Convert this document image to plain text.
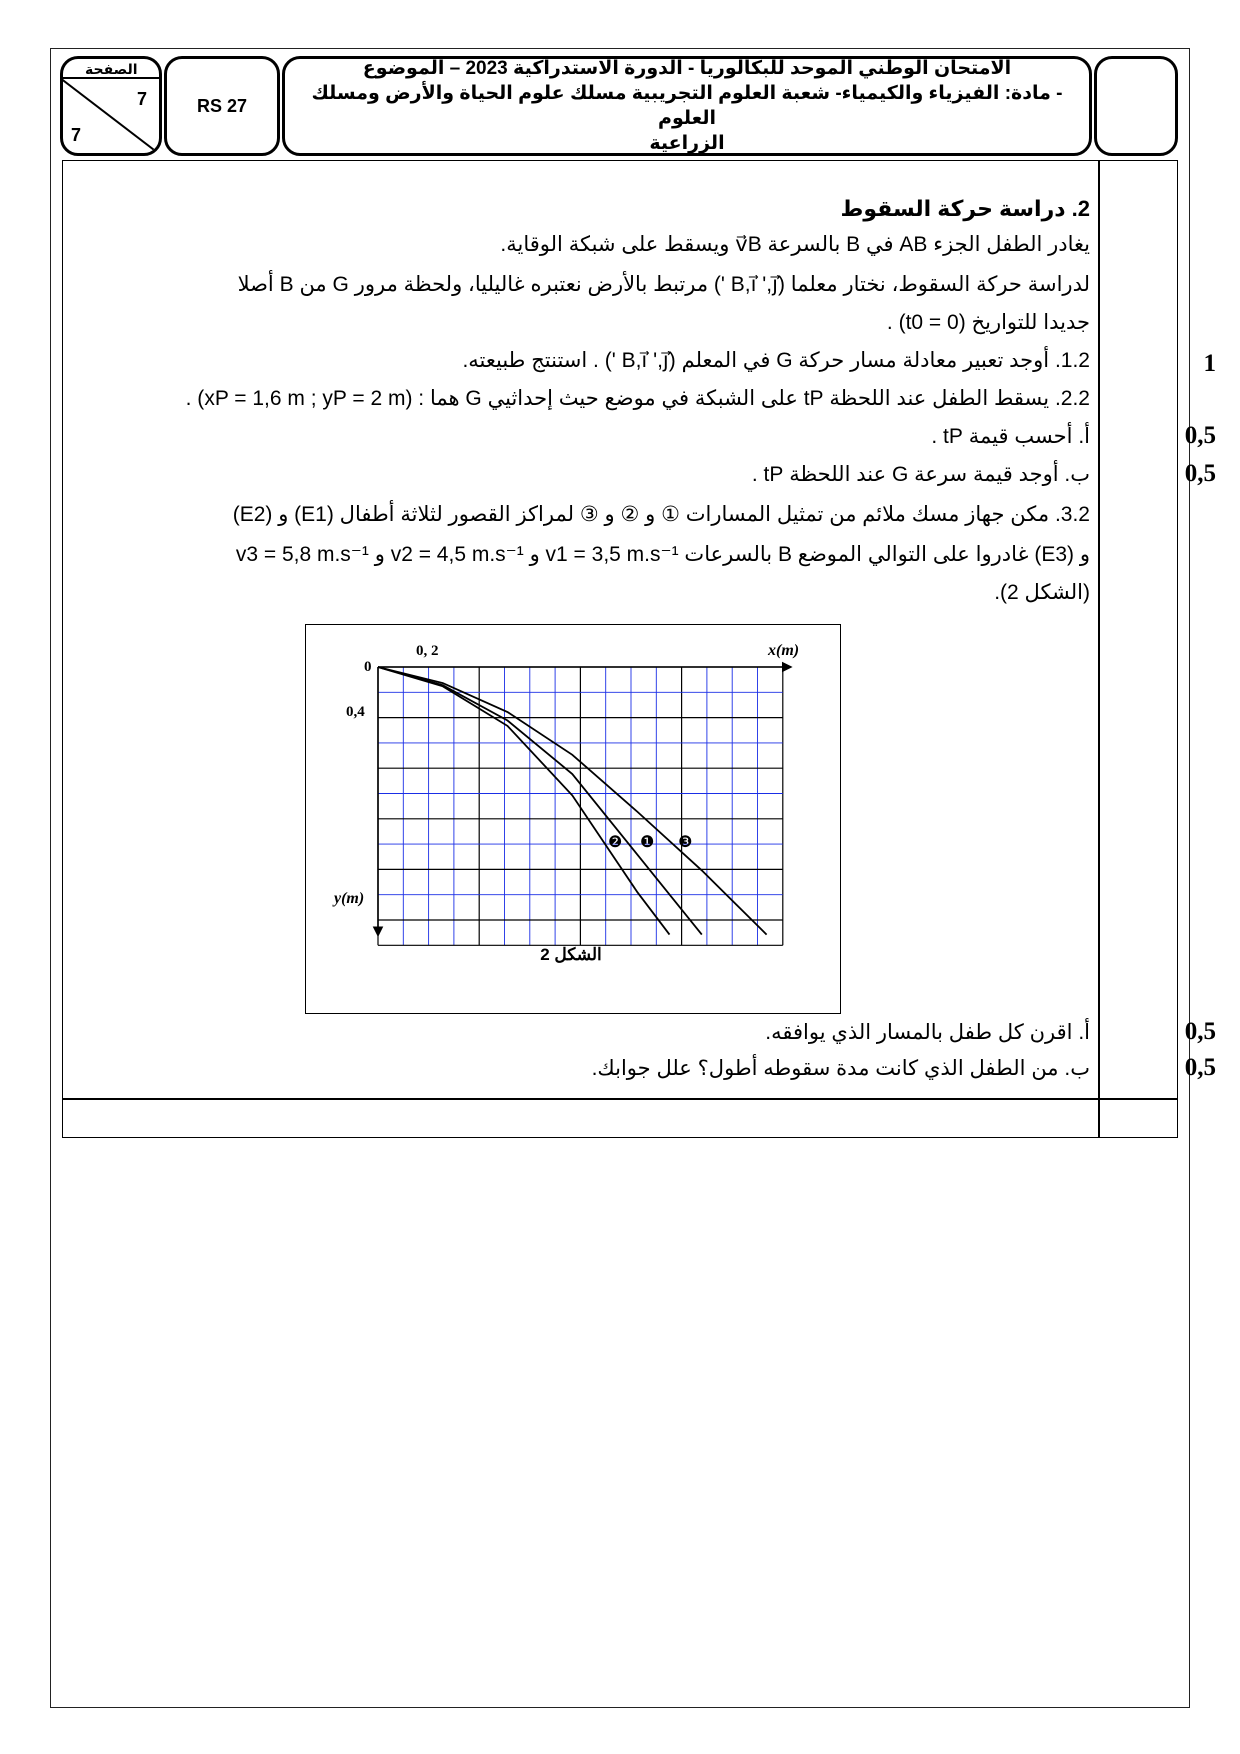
الصفحة
7
7
RS 27
الامتحان الوطني الموحد للبكالوريا - الدورة الاستدراكية 2023 – الموضوع
- مادة: الفيزياء والكيمياء- شعبة العلوم التجريبية مسلك علوم الحياة والأرض ومسلك العلوم
الزراعية
2. دراسة حركة السقوط
يغادر الطفل الجزء AB في B بالسرعة v⃗B ويسقط على شبكة الوقاية.
لدراسة حركة السقوط، نختار معلما (B,i⃗ ',j⃗ ') مرتبط بالأرض نعتبره غاليليا، ولحظة مرور G من B أصلا
جديدا للتواريخ (t0 = 0) .
1.2. أوجد تعبير معادلة مسار حركة G في المعلم (B,i⃗ ',j⃗ ') . استنتج طبيعته.
2.2. يسقط الطفل عند اللحظة tP على الشبكة في موضع حيث إحداثيي G هما : (xP = 1,6 m ; yP = 2 m) .
أ. أحسب قيمة tP .
ب. أوجد قيمة سرعة G عند اللحظة tP .
3.2. مكن جهاز مسك ملائم من تمثيل المسارات ① و ② و ③ لمراكز القصور لثلاثة أطفال (E1) و (E2)
و (E3) غادروا على التوالي الموضع B بالسرعات v1 = 3,5 m.s⁻¹ و v2 = 4,5 m.s⁻¹ و v3 = 5,8 m.s⁻¹
(الشكل 2).
أ. اقرن كل طفل بالمسار الذي يوافقه.
ب. من الطفل الذي كانت مدة سقوطه أطول؟ علل جوابك.
1
0,5
0,5
0,5
0,5
0
0, 2
0,4
x(m)
y(m)
❷ ❶ ❸
الشكل 2
